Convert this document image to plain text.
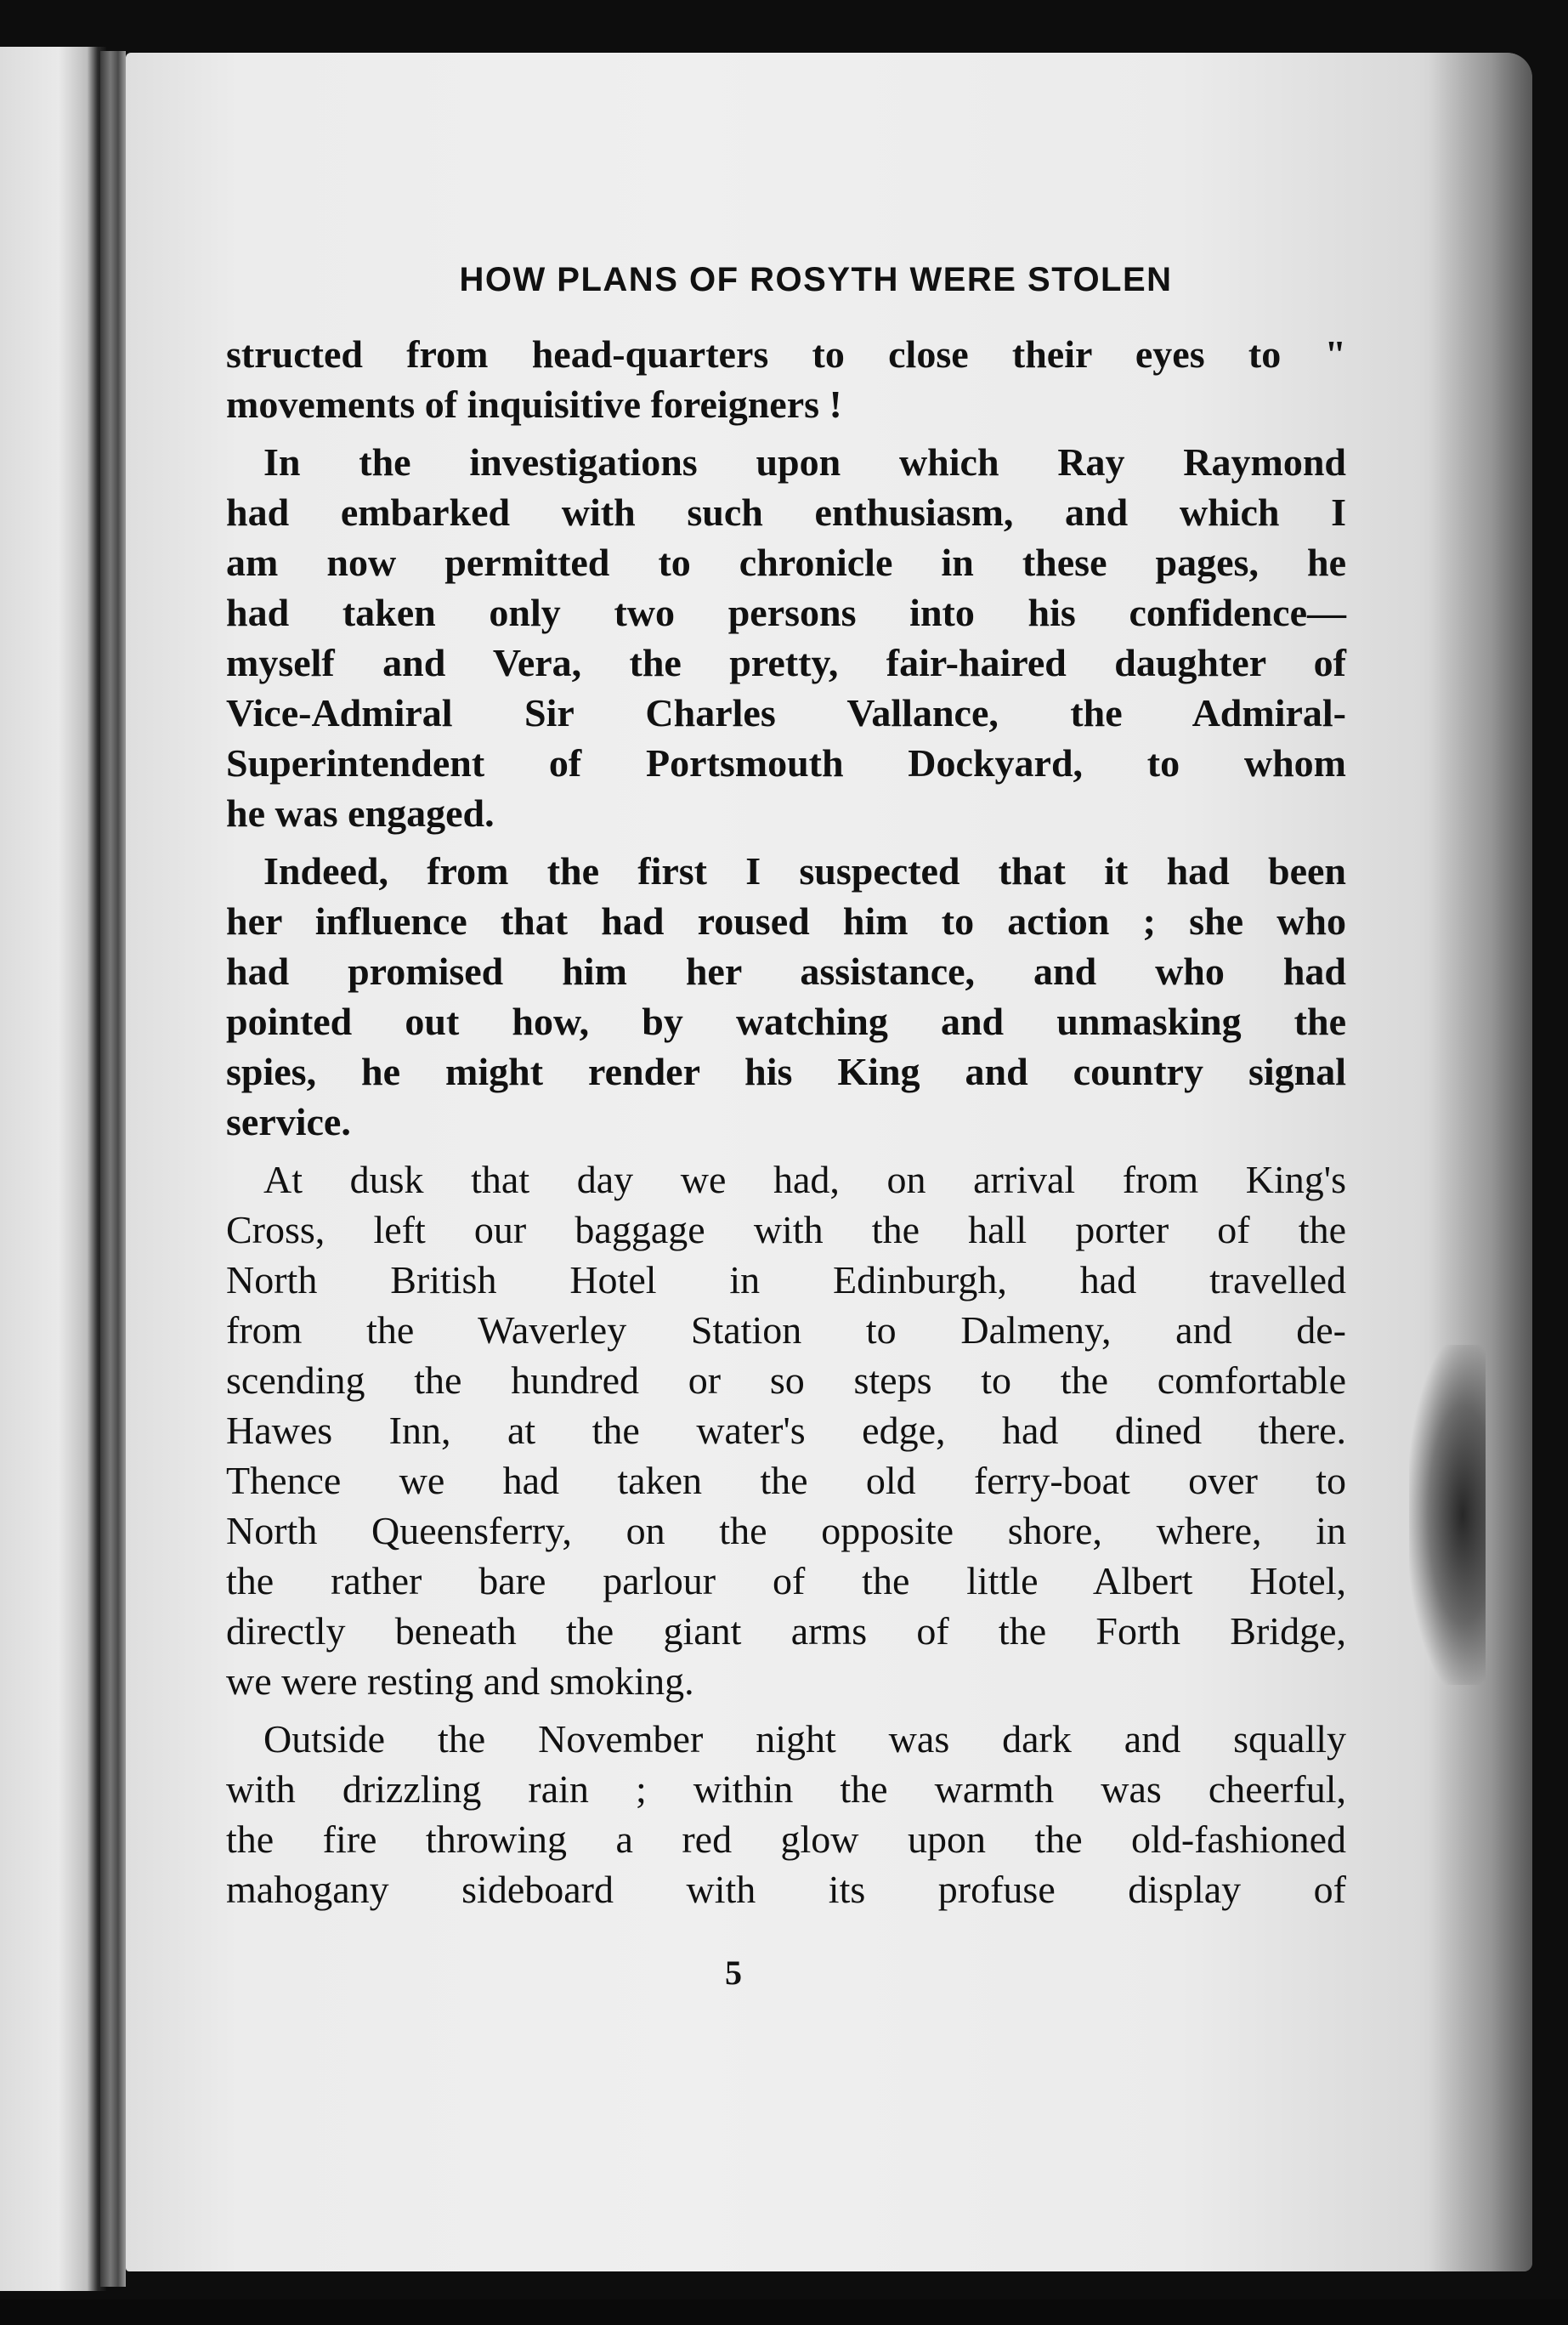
HOW PLANS OF ROSYTH WERE STOLEN
structed from head-quarters to close their eyes to "
movements of inquisitive foreigners !
In the investigations upon which Ray Raymond
had embarked with such enthusiasm, and which I
am now permitted to chronicle in these pages, he
had taken only two persons into his confidence—
myself and Vera, the pretty, fair-haired daughter of
Vice-Admiral Sir Charles Vallance, the Admiral-
Superintendent of Portsmouth Dockyard, to whom
he was engaged.
Indeed, from the first I suspected that it had been
her influence that had roused him to action ; she who
had promised him her assistance, and who had
pointed out how, by watching and unmasking the
spies, he might render his King and country signal
service.
At dusk that day we had, on arrival from King's
Cross, left our baggage with the hall porter of the
North British Hotel in Edinburgh, had travelled
from the Waverley Station to Dalmeny, and de-
scending the hundred or so steps to the comfortable
Hawes Inn, at the water's edge, had dined there.
Thence we had taken the old ferry-boat over to
North Queensferry, on the opposite shore, where, in
the rather bare parlour of the little Albert Hotel,
directly beneath the giant arms of the Forth Bridge,
we were resting and smoking.
Outside the November night was dark and squally
with drizzling rain ; within the warmth was cheerful,
the fire throwing a red glow upon the old-fashioned
mahogany sideboard with its profuse display of
5
